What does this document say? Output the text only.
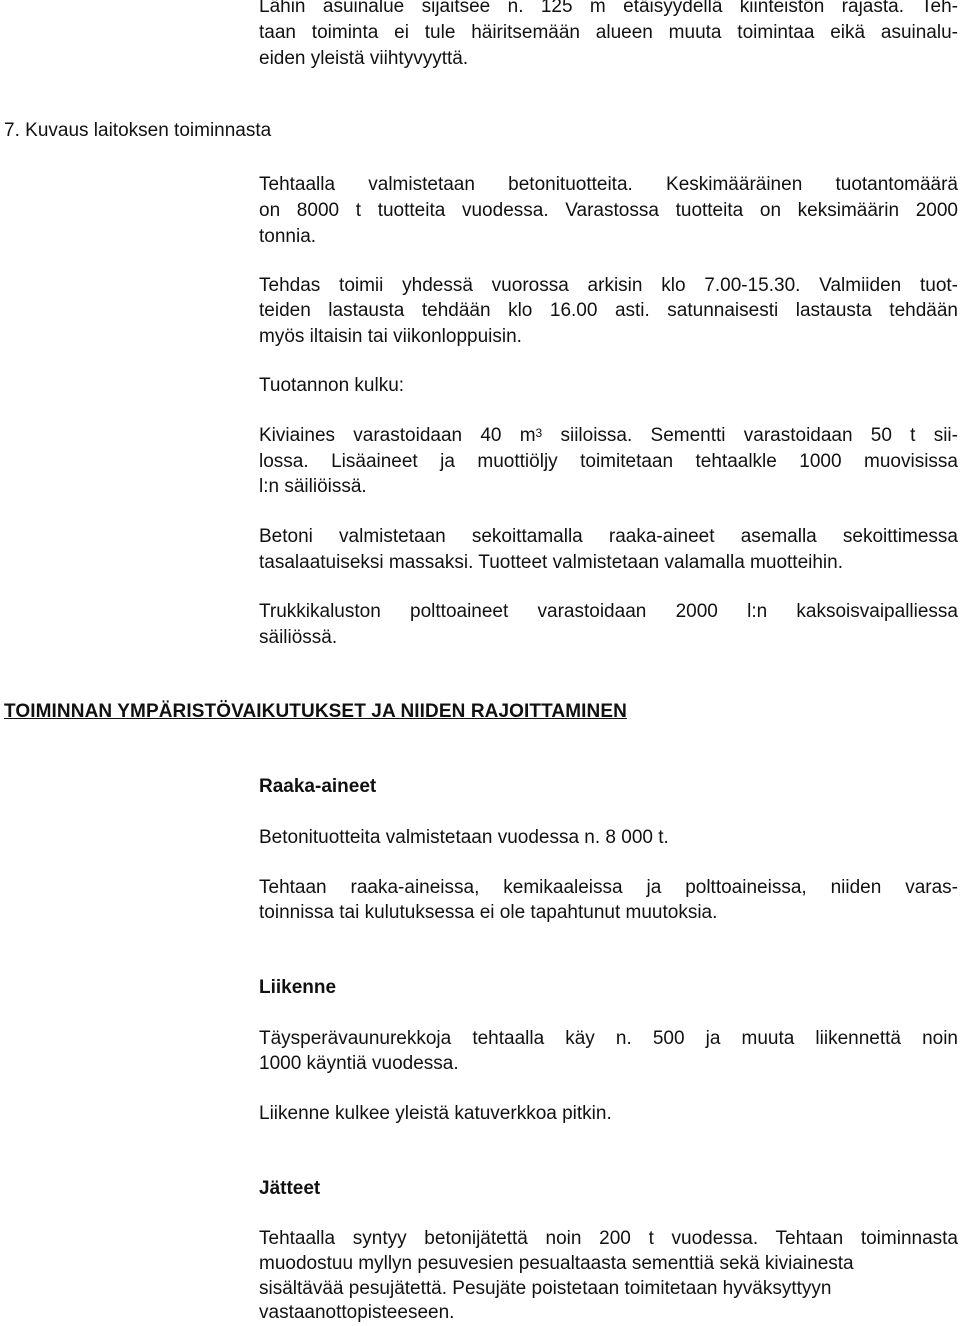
Lähin asuinalue sijaitsee n. 125 m etäisyydellä kiinteistön rajasta. Teh-

taan toiminta ei tule häiritsemään alueen muuta toimintaa eikä asuinalu-

eiden yleistä viihtyvyyttä.

7. Kuvaus laitoksen toiminnasta

Tehtaalla valmistetaan betonituotteita. Keskimääräinen tuotantomäärä

on 8000 t tuotteita vuodessa. Varastossa tuotteita on keksimäärin 2000

tonnia.

Tehdas toimii yhdessä vuorossa arkisin klo 7.00-15.30. Valmiiden tuot-

teiden lastausta tehdään klo 16.00 asti. satunnaisesti lastausta tehdään

myös iltaisin tai viikonloppuisin.

Tuotannon kulku:

Kiviaines varastoidaan 40 $m^3$ siiloissa. Sementti varastoidaan 50 t sii-

lossa. Lisäaineet ja muottiöljy toimitetaan tehtaalkle 1000 muovisissa

l:n säiliöissä.

Betoni valmistetaan sekoittamalla raaka-aineet asemalla sekoittimessa

tasalaatuiseksi massaksi. Tuotteet valmistetaan valamalla muotteihin.

Trukkikaluston polttoaineet varastoidaan 2000 l:n kaksoisvaipalliessa

säiliössä.

TOIMINNAN YMPÄRISTÖVAIKUTUKSET JA NIIDEN RAJOITTAMINEN

Raaka-aineet

Betonituotteita valmistetaan vuodessa n. 8 000 t.

Tehtaan raaka-aineissa, kemikaaleissa ja polttoaineissa, niiden varas-

toinnissa tai kulutuksessa ei ole tapahtunut muutoksia.

Liikenne

Täysperävaunurekkoja tehtaalla käy n. 500 ja muuta liikennettä noin

1000 käyntiä vuodessa.

Liikenne kulkee yleistä katuverkkoa pitkin.

Jätteet

Tehtaalla syntyy betonijätettä noin 200 t vuodessa. Tehtaan toiminnasta

muodostuu myllyn pesuvesien pesualtaasta sementtiä sekä kiviainesta

sisältävää pesujätettä. Pesujäte poistetaan toimitetaan hyväksyttyyn

vastaanottopisteeseen.
